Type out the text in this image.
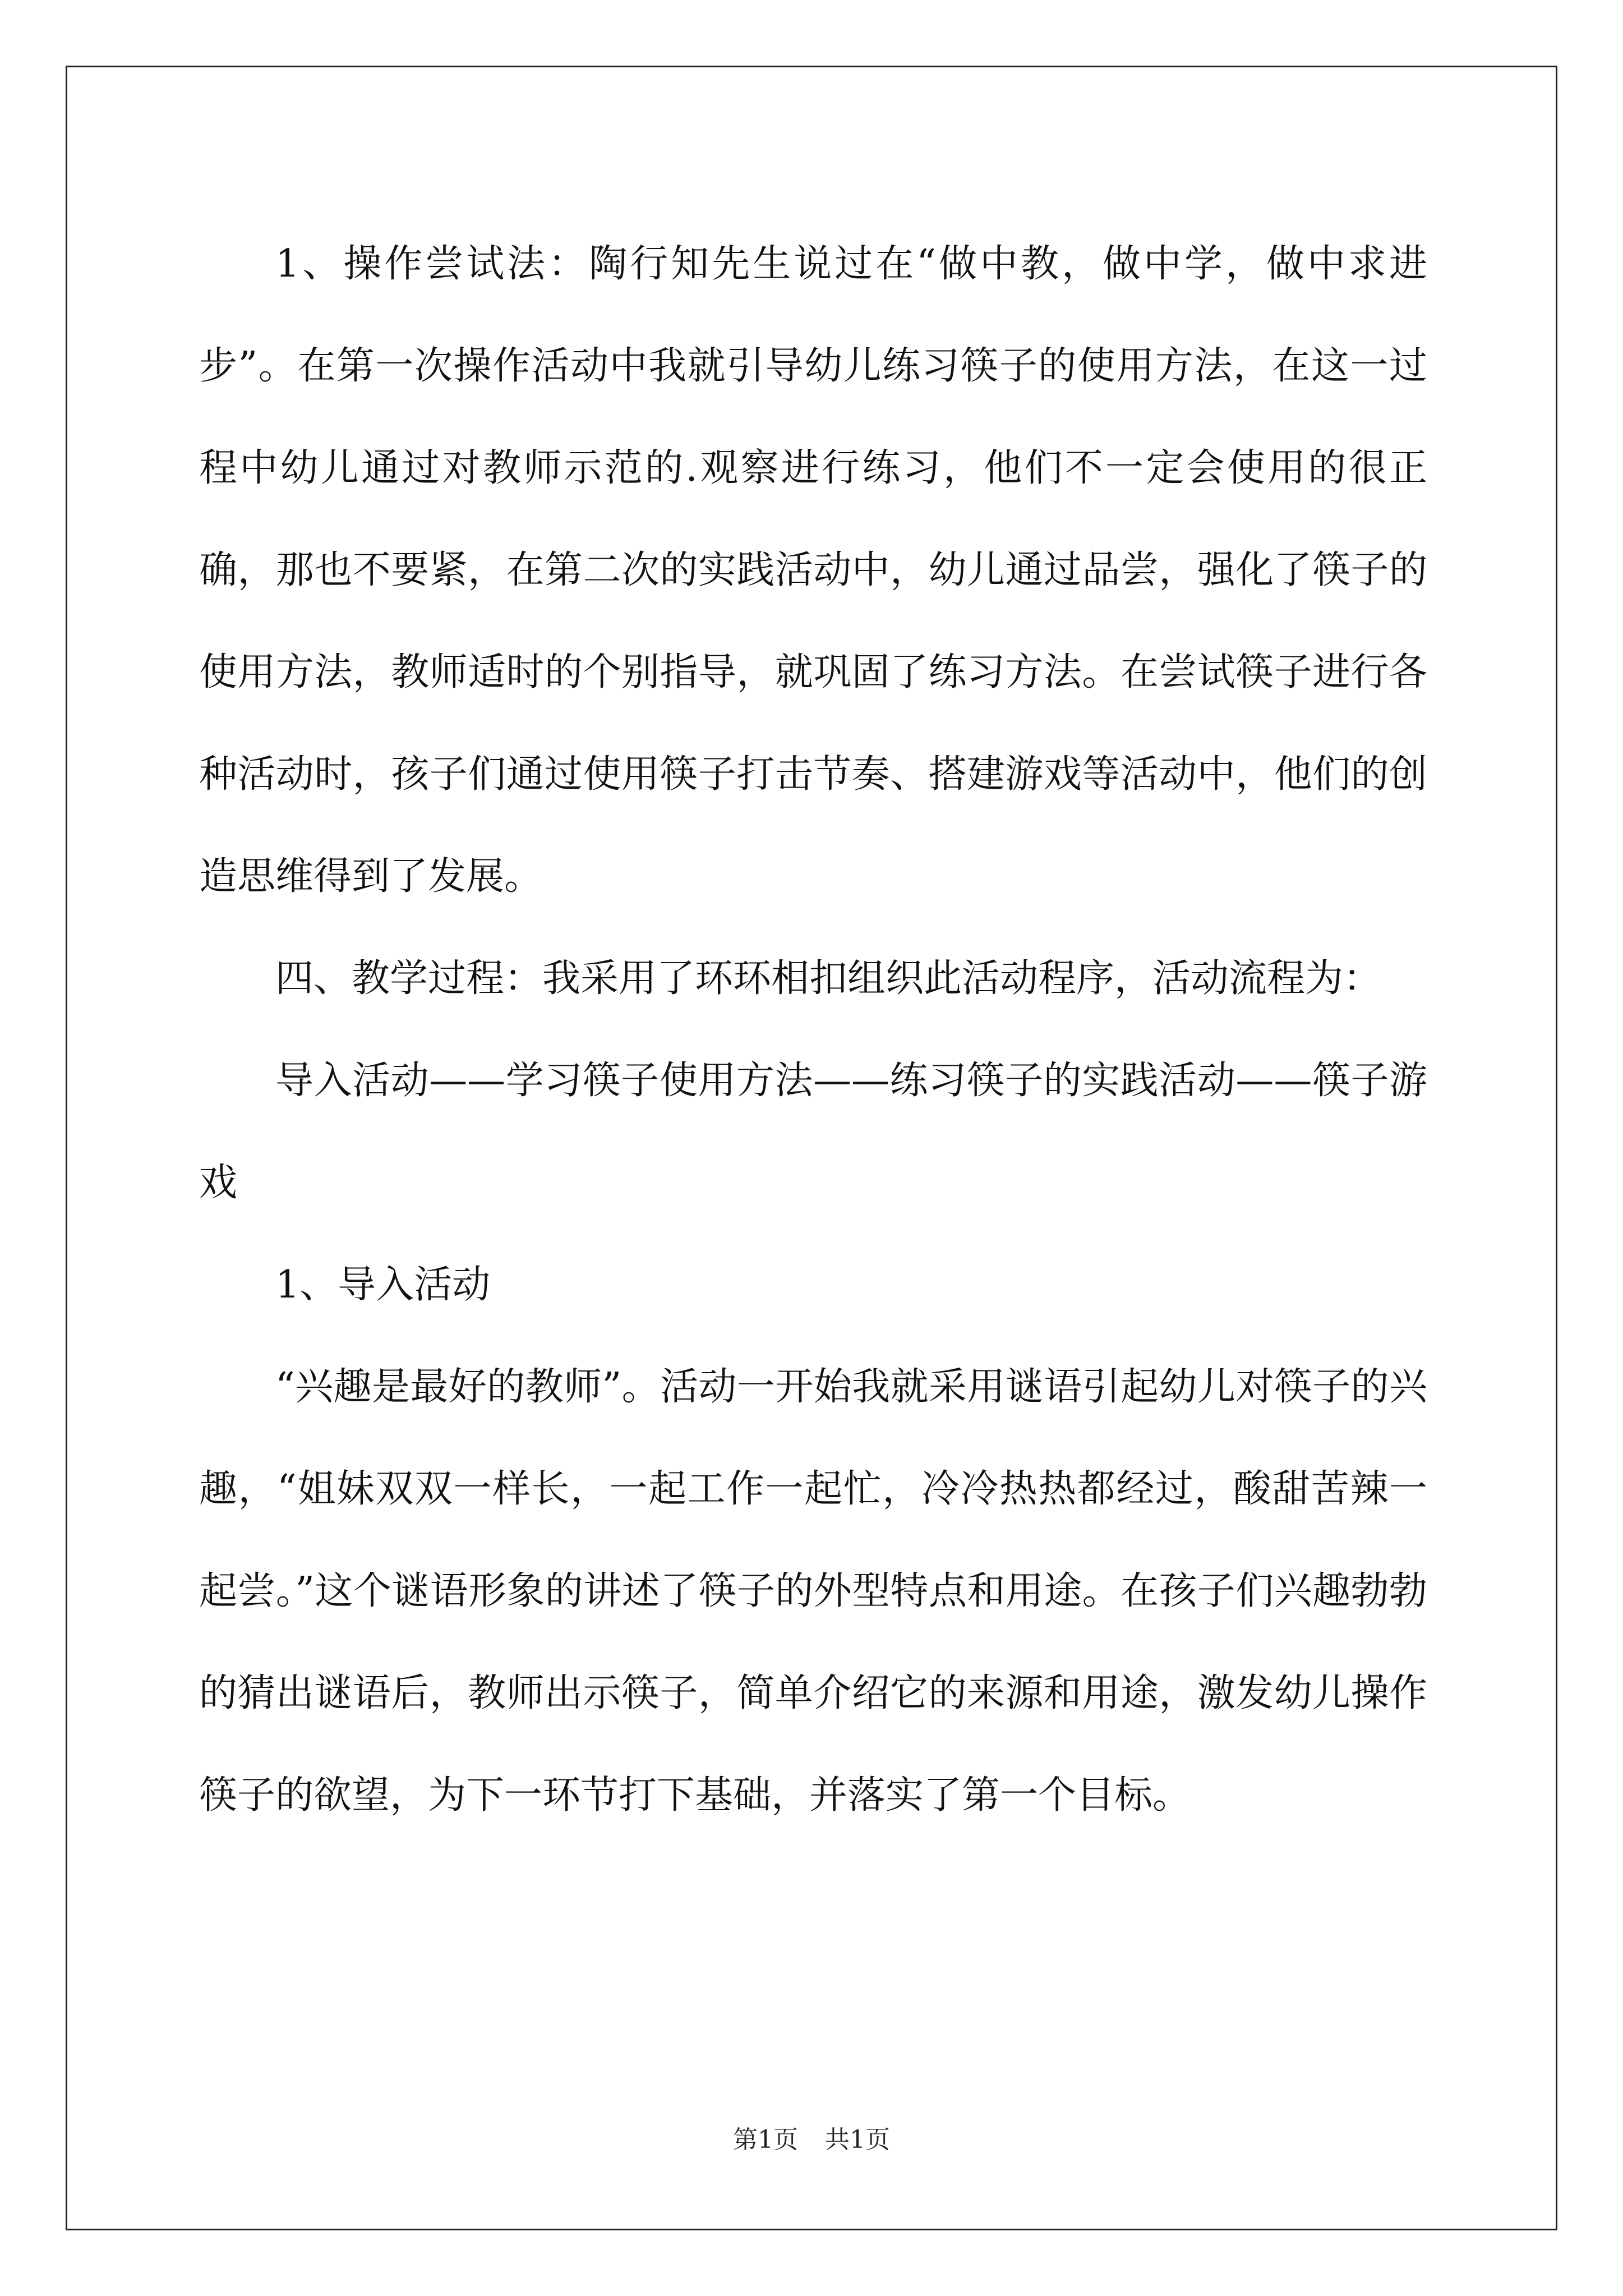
1、操作尝试法：陶行知先生说过在“做中教，做中学，做中求进步”。在第一次操作活动中我就引导幼儿练习筷子的使用方法，在这一过程中幼儿通过对教师示范的.观察进行练习，他们不一定会使用的很正确，那也不要紧，在第二次的实践活动中，幼儿通过品尝，强化了筷子的使用方法，教师适时的个别指导，就巩固了练习方法。在尝试筷子进行各种活动时，孩子们通过使用筷子打击节奏、搭建游戏等活动中，他们的创造思维得到了发展。

四、教学过程：我采用了环环相扣组织此活动程序，活动流程为：

导入活动——学习筷子使用方法——练习筷子的实践活动——筷子游戏

1、导入活动

“兴趣是最好的教师”。活动一开始我就采用谜语引起幼儿对筷子的兴趣，“姐妹双双一样长，一起工作一起忙，冷冷热热都经过，酸甜苦辣一起尝。”这个谜语形象的讲述了筷子的外型特点和用途。在孩子们兴趣勃勃的猜出谜语后，教师出示筷子，简单介绍它的来源和用途，激发幼儿操作筷子的欲望，为下一环节打下基础，并落实了第一个目标。

第1页 共1页
